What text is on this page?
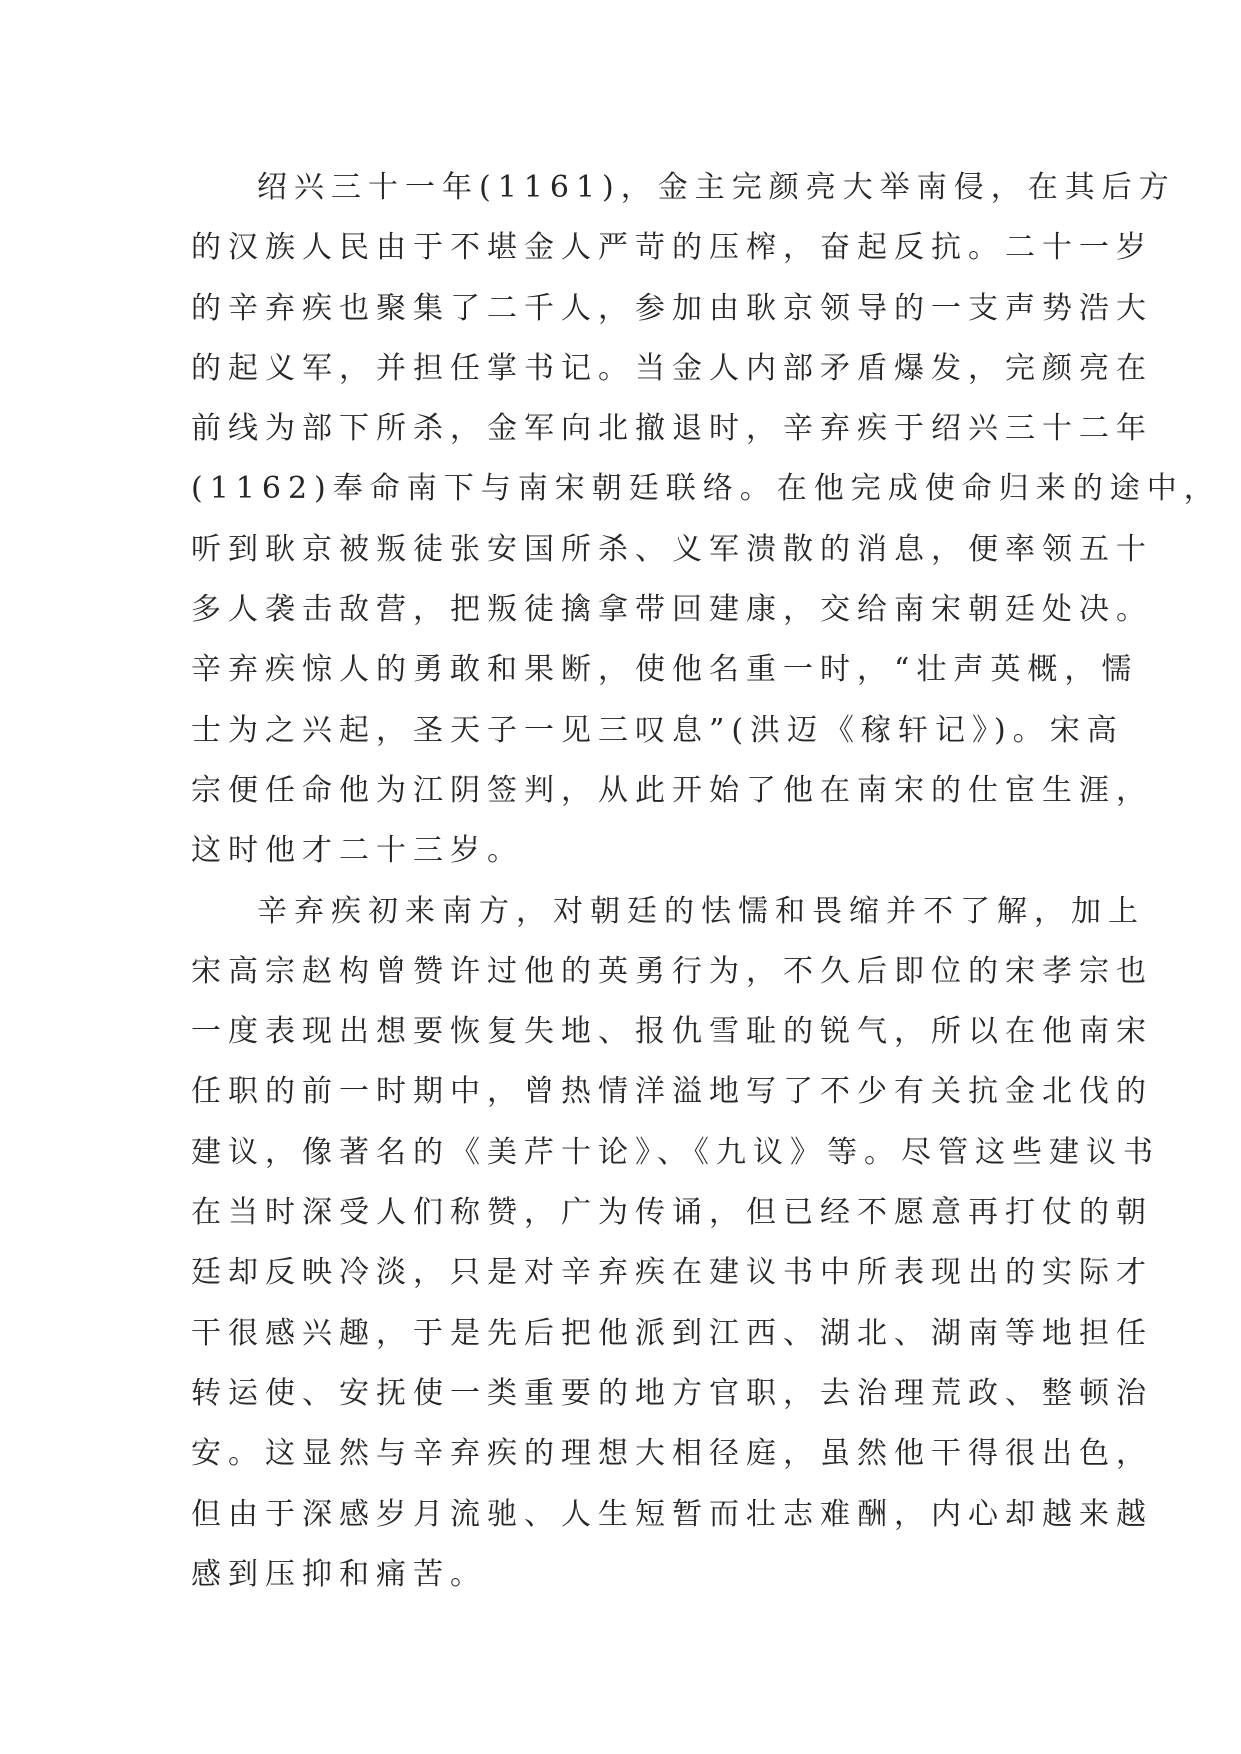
绍兴三十一年(1161)，金主完颜亮大举南侵，在其后方
的汉族人民由于不堪金人严苛的压榨，奋起反抗。二十一岁
的辛弃疾也聚集了二千人，参加由耿京领导的一支声势浩大
的起义军，并担任掌书记。当金人内部矛盾爆发，完颜亮在
前线为部下所杀，金军向北撤退时，辛弃疾于绍兴三十二年
(1162)奉命南下与南宋朝廷联络。在他完成使命归来的途中，
听到耿京被叛徒张安国所杀、义军溃散的消息，便率领五十
多人袭击敌营，把叛徒擒拿带回建康，交给南宋朝廷处决。
辛弃疾惊人的勇敢和果断，使他名重一时，“壮声英概，懦
士为之兴起，圣天子一见三叹息”(洪迈《稼轩记》)。宋高
宗便任命他为江阴签判，从此开始了他在南宋的仕宦生涯，
这时他才二十三岁。
辛弃疾初来南方，对朝廷的怯懦和畏缩并不了解，加上
宋高宗赵构曾赞许过他的英勇行为，不久后即位的宋孝宗也
一度表现出想要恢复失地、报仇雪耻的锐气，所以在他南宋
任职的前一时期中，曾热情洋溢地写了不少有关抗金北伐的
建议，像著名的《美芹十论》、《九议》等。尽管这些建议书
在当时深受人们称赞，广为传诵，但已经不愿意再打仗的朝
廷却反映冷淡，只是对辛弃疾在建议书中所表现出的实际才
干很感兴趣，于是先后把他派到江西、湖北、湖南等地担任
转运使、安抚使一类重要的地方官职，去治理荒政、整顿治
安。这显然与辛弃疾的理想大相径庭，虽然他干得很出色，
但由于深感岁月流驰、人生短暂而壮志难酬，内心却越来越
感到压抑和痛苦。
